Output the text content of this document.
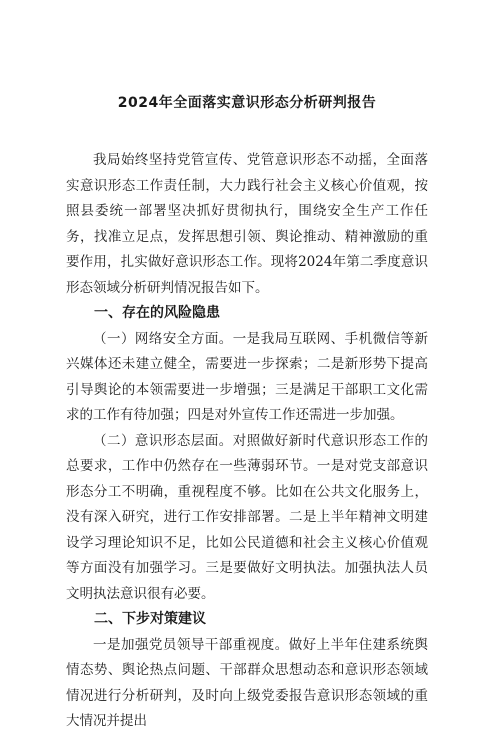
2024年全面落实意识形态分析研判报告

我局始终坚持党管宣传、党管意识形态不动摇，全面落实意识形态工作责任制，大力践行社会主义核心价值观，按照县委统一部署坚决抓好贯彻执行，围绕安全生产工作任务，找准立足点，发挥思想引领、舆论推动、精神激励的重要作用，扎实做好意识形态工作。现将2024年第二季度意识形态领域分析研判情况报告如下。

一、存在的风险隐患

（一）网络安全方面。一是我局互联网、手机微信等新兴媒体还未建立健全，需要进一步探索；二是新形势下提高引导舆论的本领需要进一步增强；三是满足干部职工文化需求的工作有待加强；四是对外宣传工作还需进一步加强。

（二）意识形态层面。对照做好新时代意识形态工作的总要求，工作中仍然存在一些薄弱环节。一是对党支部意识形态分工不明确，重视程度不够。比如在公共文化服务上，没有深入研究，进行工作安排部署。二是上半年精神文明建设学习理论知识不足，比如公民道德和社会主义核心价值观等方面没有加强学习。三是要做好文明执法。加强执法人员文明执法意识很有必要。

二、下步对策建议

一是加强党员领导干部重视度。做好上半年住建系统舆情态势、舆论热点问题、干部群众思想动态和意识形态领域情况进行分析研判，及时向上级党委报告意识形态领域的重大情况并提出
